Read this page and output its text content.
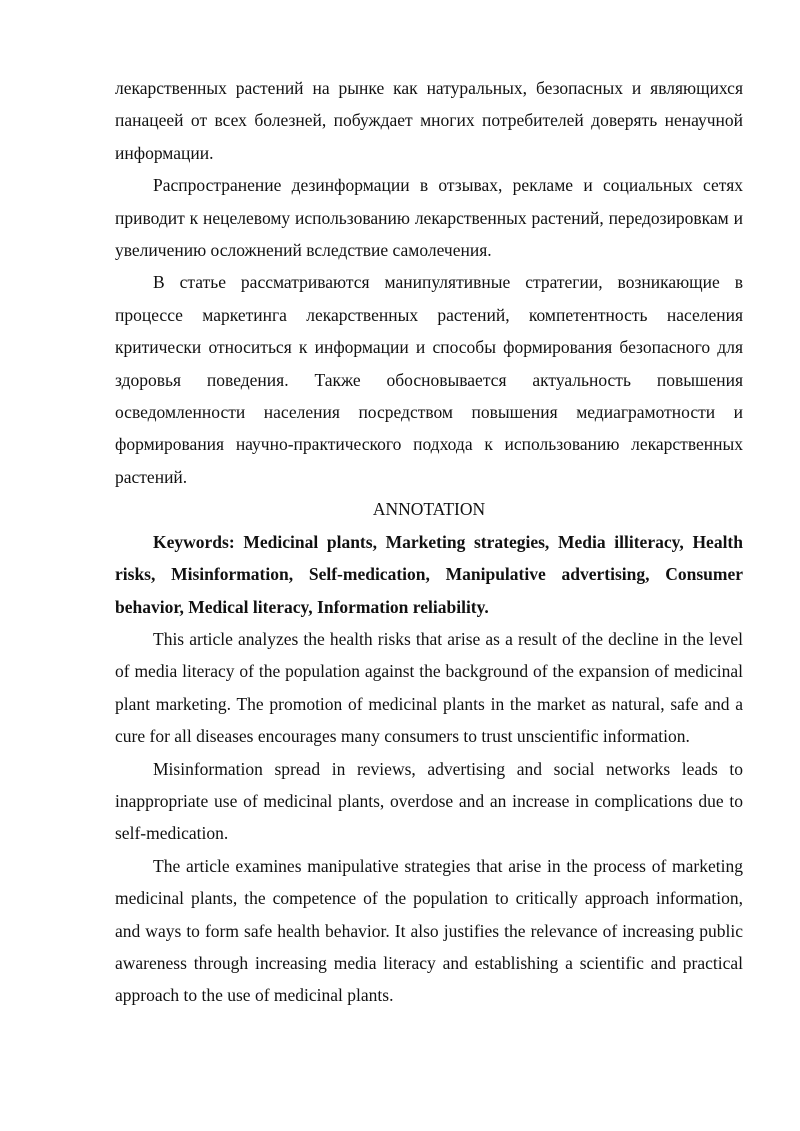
лекарственных растений на рынке как натуральных, безопасных и являющихся панацеей от всех болезней, побуждает многих потребителей доверять ненаучной информации.

Распространение дезинформации в отзывах, рекламе и социальных сетях приводит к нецелевому использованию лекарственных растений, передозировкам и увеличению осложнений вследствие самолечения.

В статье рассматриваются манипулятивные стратегии, возникающие в процессе маркетинга лекарственных растений, компетентность населения критически относиться к информации и способы формирования безопасного для здоровья поведения. Также обосновывается актуальность повышения осведомленности населения посредством повышения медиаграмотности и формирования научно-практического подхода к использованию лекарственных растений.

ANNOTATION

Keywords: Medicinal plants, Marketing strategies, Media illiteracy, Health risks, Misinformation, Self-medication, Manipulative advertising, Consumer behavior, Medical literacy, Information reliability.

This article analyzes the health risks that arise as a result of the decline in the level of media literacy of the population against the background of the expansion of medicinal plant marketing. The promotion of medicinal plants in the market as natural, safe and a cure for all diseases encourages many consumers to trust unscientific information.

Misinformation spread in reviews, advertising and social networks leads to inappropriate use of medicinal plants, overdose and an increase in complications due to self-medication.

The article examines manipulative strategies that arise in the process of marketing medicinal plants, the competence of the population to critically approach information, and ways to form safe health behavior. It also justifies the relevance of increasing public awareness through increasing media literacy and establishing a scientific and practical approach to the use of medicinal plants.
